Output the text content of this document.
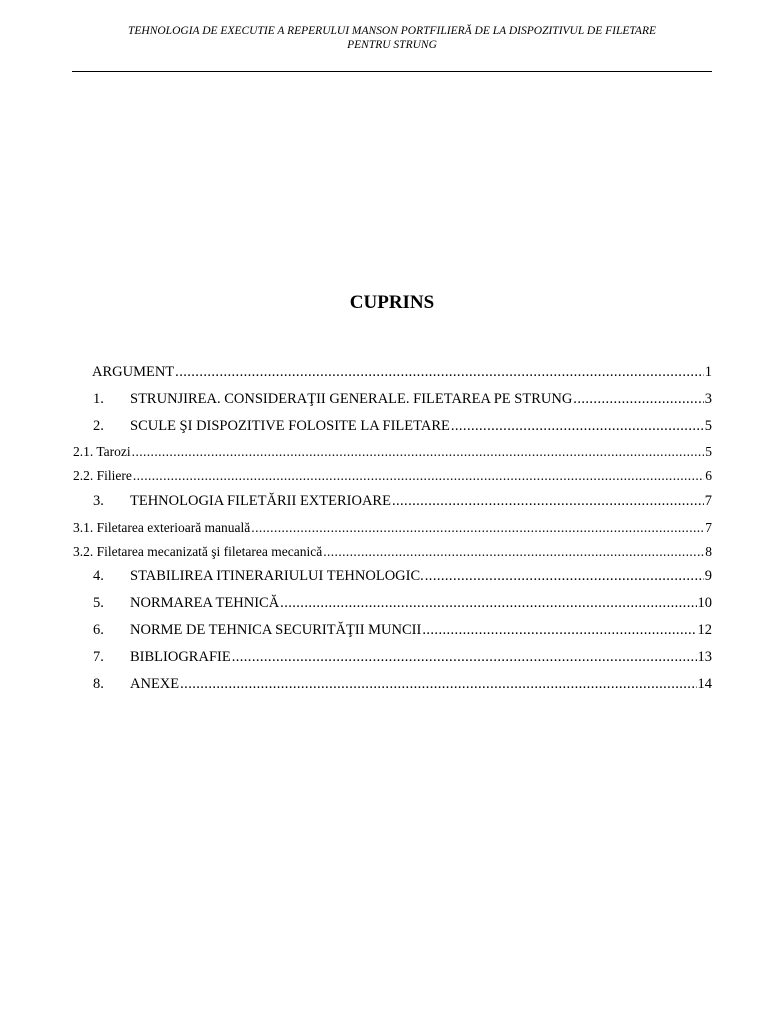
TEHNOLOGIA DE EXECUTIE A REPERULUI MANSON PORTFILIERĂ DE LA DISPOZITIVUL DE FILETARE
PENTRU STRUNG
CUPRINS
ARGUMENT .....	1
1.	STRUNJIREA. CONSIDERAŢII GENERALE. FILETAREA PE STRUNG .....	3
2.	SCULE ŞI DISPOZITIVE FOLOSITE LA FILETARE .....	5
2.1. Tarozi .....	5
2.2. Filiere .....	6
3.	TEHNOLOGIA FILETĂRII EXTERIOARE .....	7
3.1. Filetarea exterioară manuală .....	7
3.2. Filetarea mecanizată şi filetarea mecanică .....	8
4.	STABILIREA ITINERARIULUI TEHNOLOGIC. .....	9
5.	NORMAREA TEHNICĂ .....	10
6.	NORME DE TEHNICA SECURITĂŢII MUNCII .....	12
7.	BIBLIOGRAFIE .....	13
8.	ANEXE .....	14
